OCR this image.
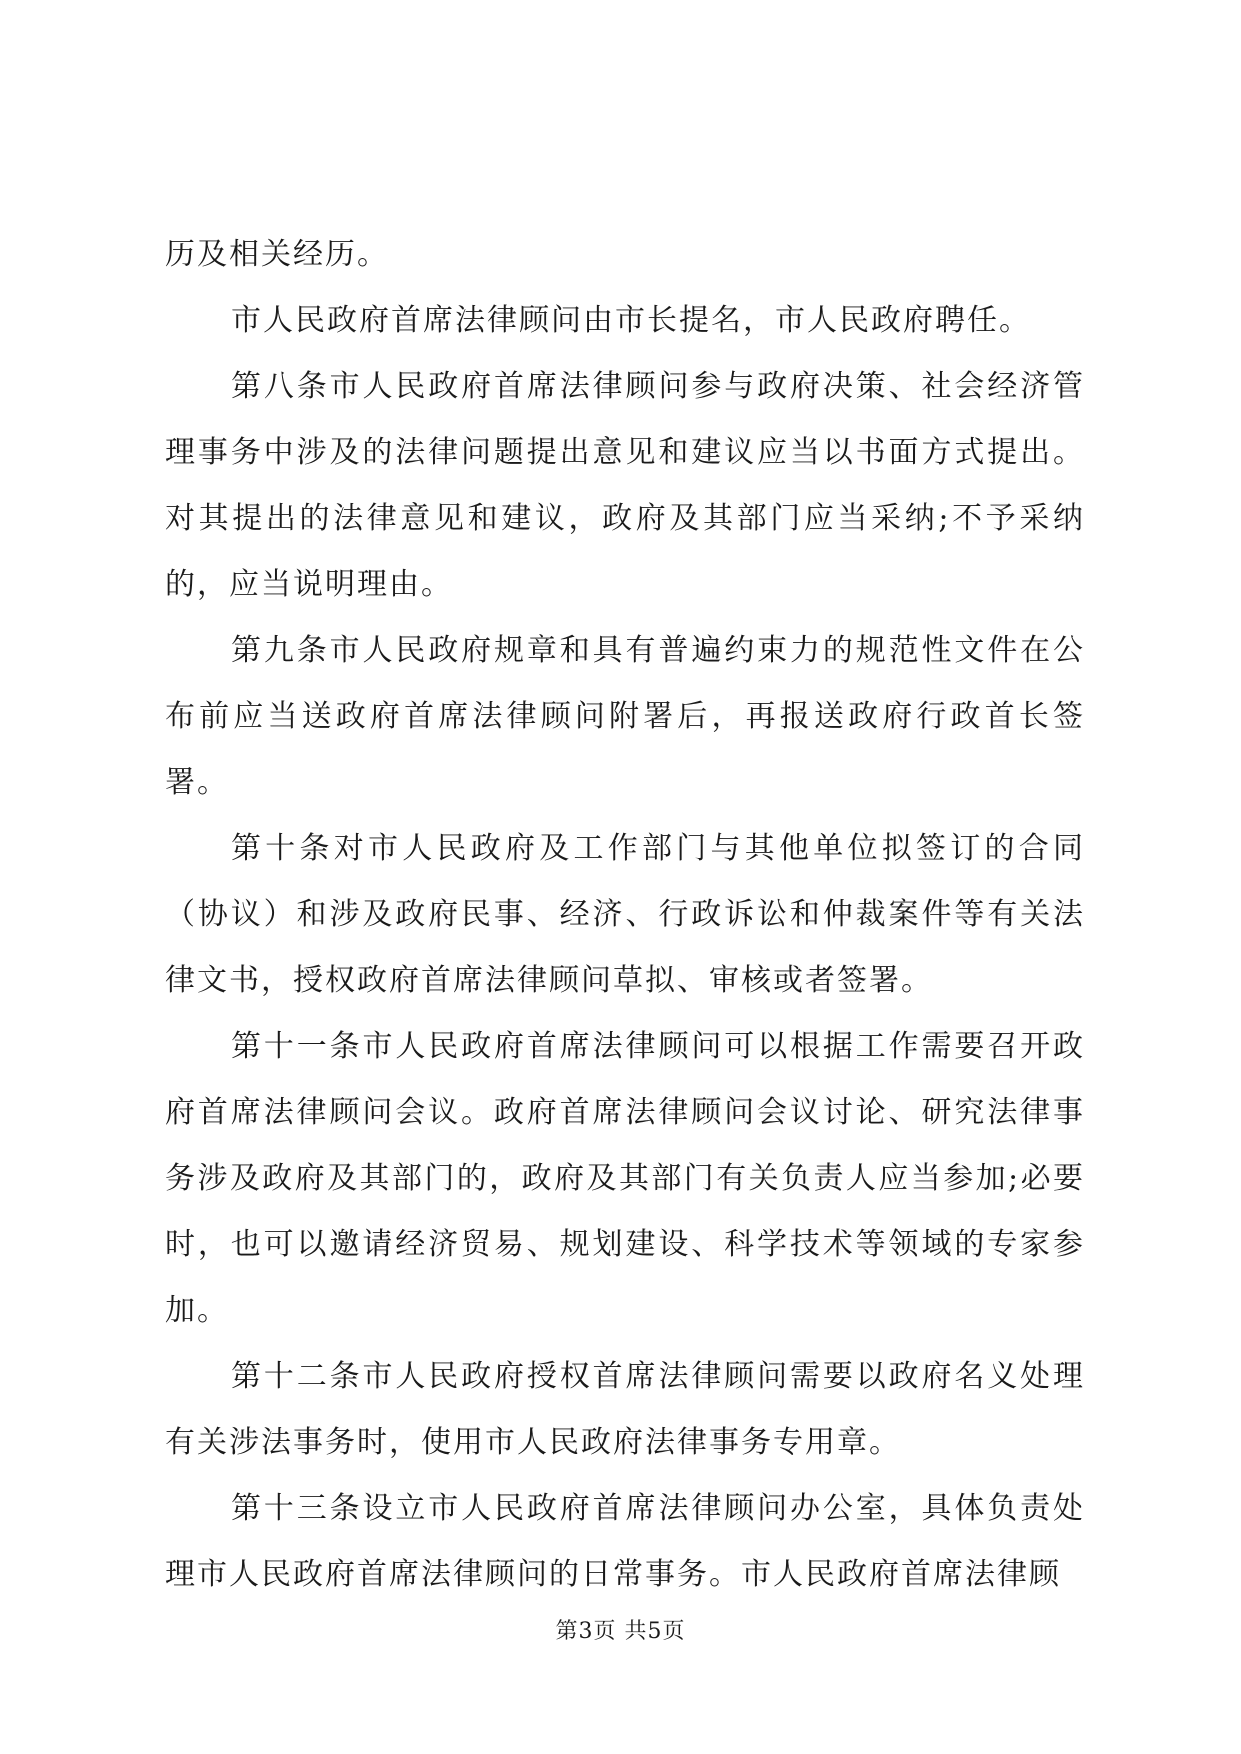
历及相关经历。

市人民政府首席法律顾问由市长提名，市人民政府聘任。

第八条市人民政府首席法律顾问参与政府决策、社会经济管理事务中涉及的法律问题提出意见和建议应当以书面方式提出。对其提出的法律意见和建议，政府及其部门应当采纳;不予采纳的，应当说明理由。

第九条市人民政府规章和具有普遍约束力的规范性文件在公布前应当送政府首席法律顾问附署后，再报送政府行政首长签署。

第十条对市人民政府及工作部门与其他单位拟签订的合同（协议）和涉及政府民事、经济、行政诉讼和仲裁案件等有关法律文书，授权政府首席法律顾问草拟、审核或者签署。

第十一条市人民政府首席法律顾问可以根据工作需要召开政府首席法律顾问会议。政府首席法律顾问会议讨论、研究法律事务涉及政府及其部门的，政府及其部门有关负责人应当参加;必要时，也可以邀请经济贸易、规划建设、科学技术等领域的专家参加。

第十二条市人民政府授权首席法律顾问需要以政府名义处理有关涉法事务时，使用市人民政府法律事务专用章。

第十三条设立市人民政府首席法律顾问办公室，具体负责处理市人民政府首席法律顾问的日常事务。市人民政府首席法律顾

第3页 共5页
